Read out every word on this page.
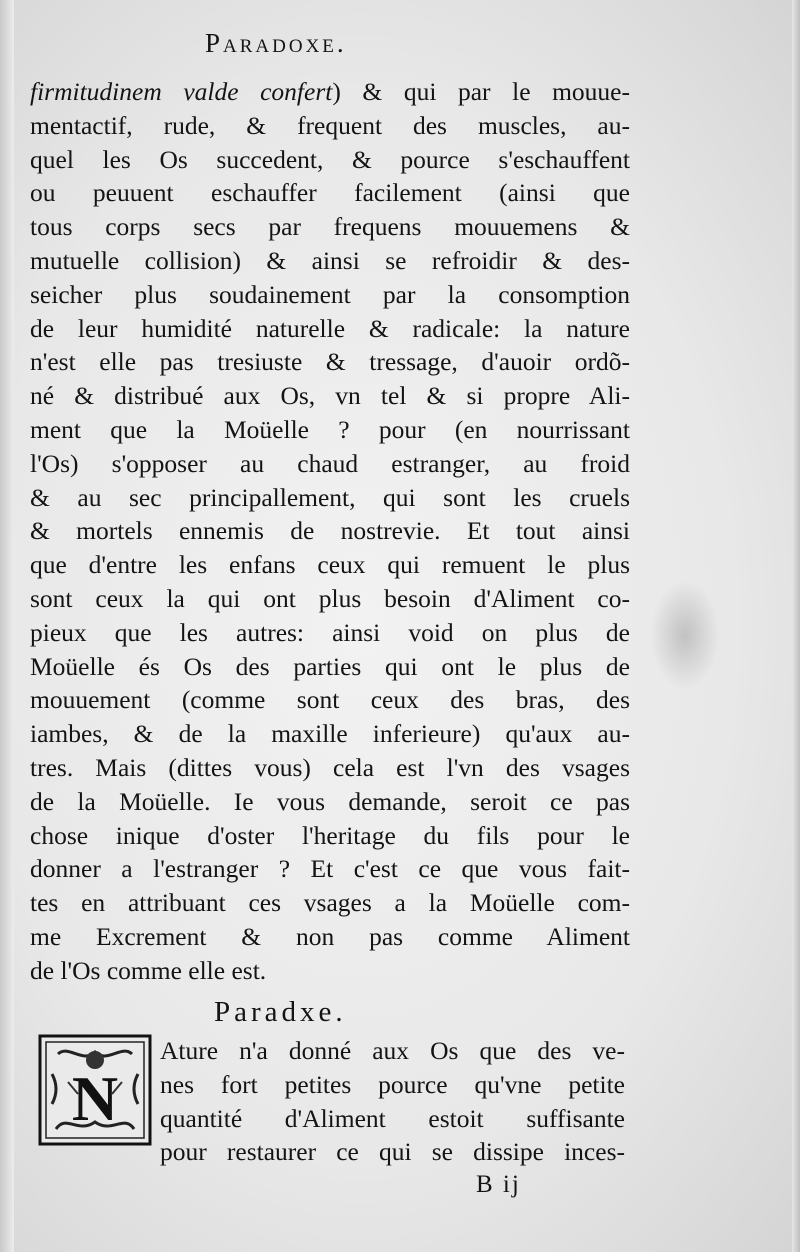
Paradoxe.
firmitudinem valde confert) & qui par le mouue-
mentactif, rude, & frequent des muscles, au-
quel les Os succedent, & pource s'eschauffent
ou peuuent eschauffer facilement (ainsi que
tous corps secs par frequens mouuemens &
mutuelle collision) & ainsi se refroidir & des-
seicher plus soudainement par la consomption
de leur humidité naturelle & radicale: la nature
n'est elle pas tresiuste & tressage, d'auoir ordõ-
né & distribué aux Os, vn tel & si propre Ali-
ment que la Moüelle ? pour (en nourrissant
l'Os) s'opposer au chaud estranger, au froid
& au sec principallement, qui sont les cruels
& mortels ennemis de nostrevie. Et tout ainsi
que d'entre les enfans ceux qui remuent le plus
sont ceux la qui ont plus besoin d'Aliment co-
pieux que les autres: ainsi void on plus de
Moüelle és Os des parties qui ont le plus de
mouuement (comme sont ceux des bras, des
iambes, & de la maxille inferieure) qu'aux au-
tres. Mais (dittes vous) cela est l'vn des vsages
de la Moüelle. Ie vous demande, seroit ce pas
chose inique d'oster l'heritage du fils pour le
donner a l'estranger ? Et c'est ce que vous fait-
tes en attribuant ces vsages a la Moüelle com-
me Excrement & non pas comme Aliment
de l'Os comme elle est.
Paradxe.
N
Ature n'a donné aux Os que des ve-
nes fort petites pource qu'vne petite
quantité d'Aliment estoit suffisante
pour restaurer ce qui se dissipe inces-
B ij
